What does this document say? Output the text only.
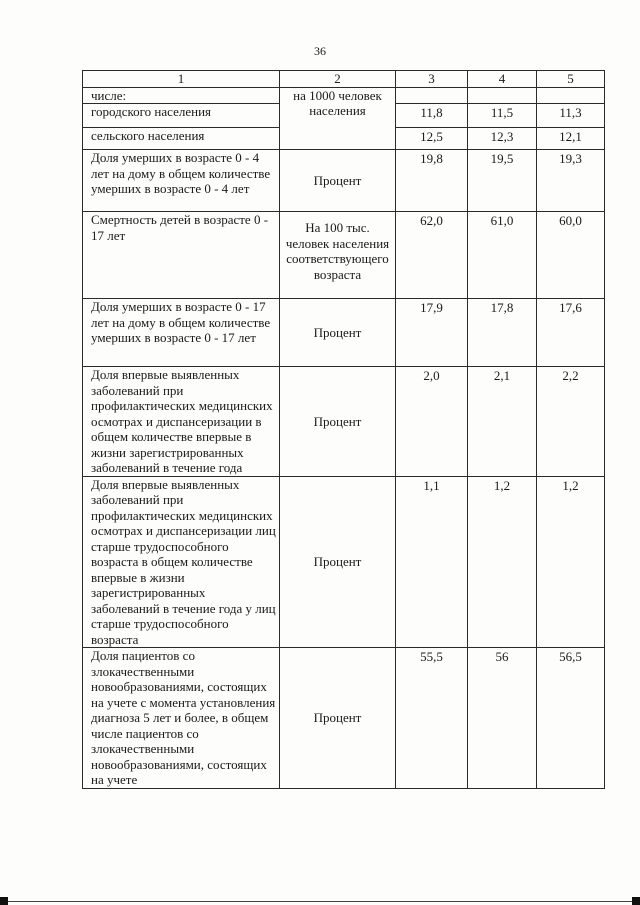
36
1	2	3	4	5
числе:	на 1000 человек населения			
городского населения		11,8	11,5	11,3
сельского населения		12,5	12,3	12,1
Доля умерших в возрасте 0 - 4 лет на дому в общем количестве умерших в возрасте 0 - 4 лет	Процент	19,8	19,5	19,3
Смертность детей в возрасте 0 - 17 лет	На 100 тыс. человек населения соответствующего возраста	62,0	61,0	60,0
Доля умерших в возрасте 0 - 17 лет на дому в общем количестве умерших в возрасте 0 - 17 лет	Процент	17,9	17,8	17,6
Доля впервые выявленных заболеваний при профилактических медицинских осмотрах и диспансеризации в общем количестве впервые в жизни зарегистрированных заболеваний в течение года	Процент	2,0	2,1	2,2
Доля впервые выявленных заболеваний при профилактических медицинских осмотрах и диспансеризации лиц старше трудоспособного возраста в общем количестве впервые в жизни зарегистрированных заболеваний в течение года у лиц старше трудоспособного возраста	Процент	1,1	1,2	1,2
Доля пациентов со злокачественными новообразованиями, состоящих на учете с момента установления диагноза 5 лет и более, в общем числе пациентов со злокачественными новообразованиями, состоящих на учете	Процент	55,5	56	56,5
